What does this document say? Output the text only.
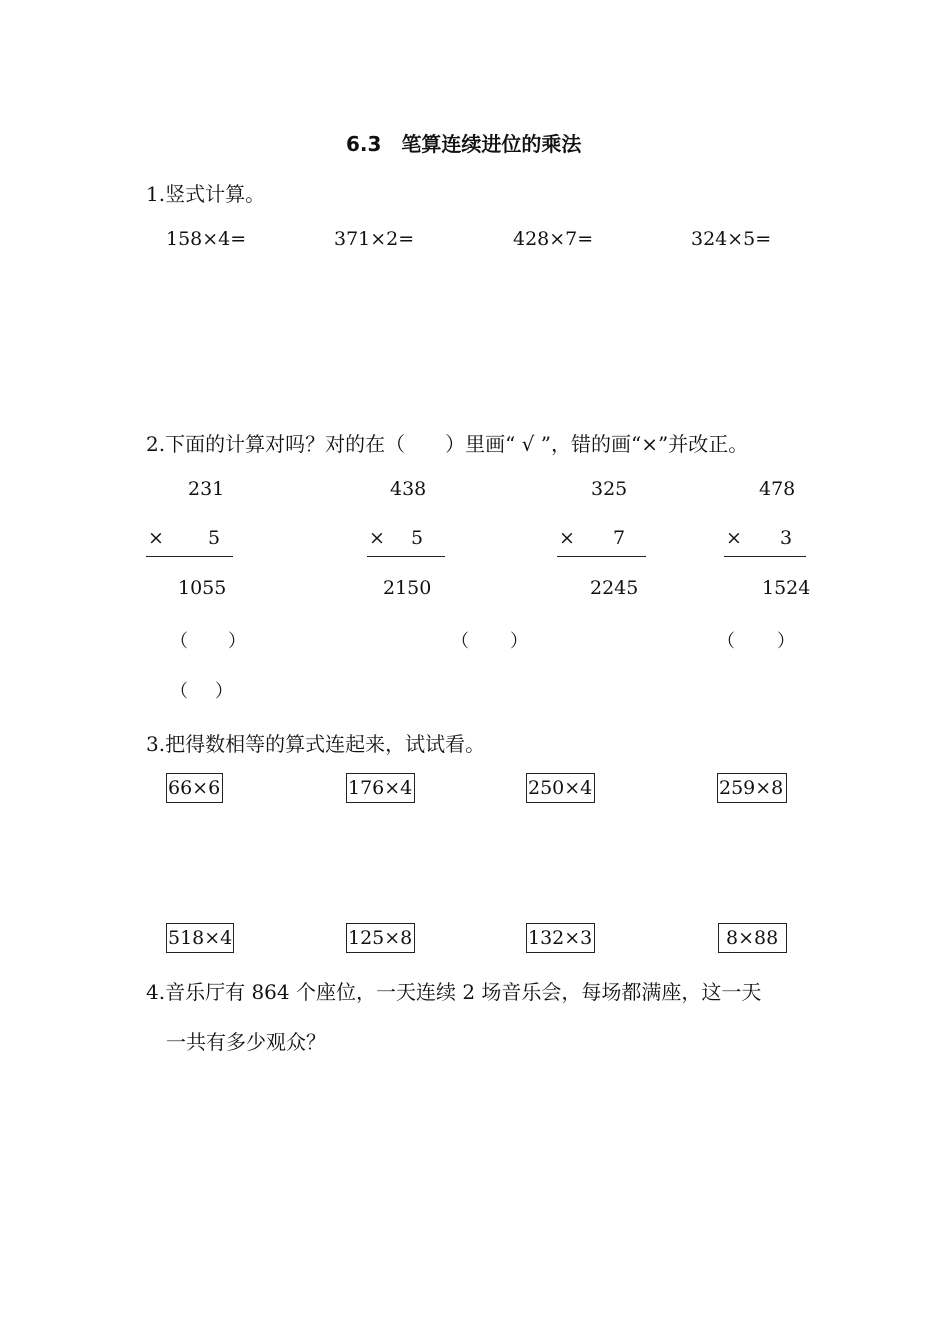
6.3　笔算连续进位的乘法
1.竖式计算。
158×4=	371×2=	428×7=	324×5=
2.下面的计算对吗？对的在（　　）里画“ √ ”，错的画“×”并改正。
231
× 5
1055
438
× 5
2150
325
× 7
2245
478
× 3
1524
（ ）	（ ）	（ ）
（ ）
3.把得数相等的算式连起来，试试看。
66×6	176×4	250×4	259×8
518×4	125×8	132×3	8×88
4.音乐厅有 864 个座位，一天连续 2 场音乐会，每场都满座，这一天
一共有多少观众？
